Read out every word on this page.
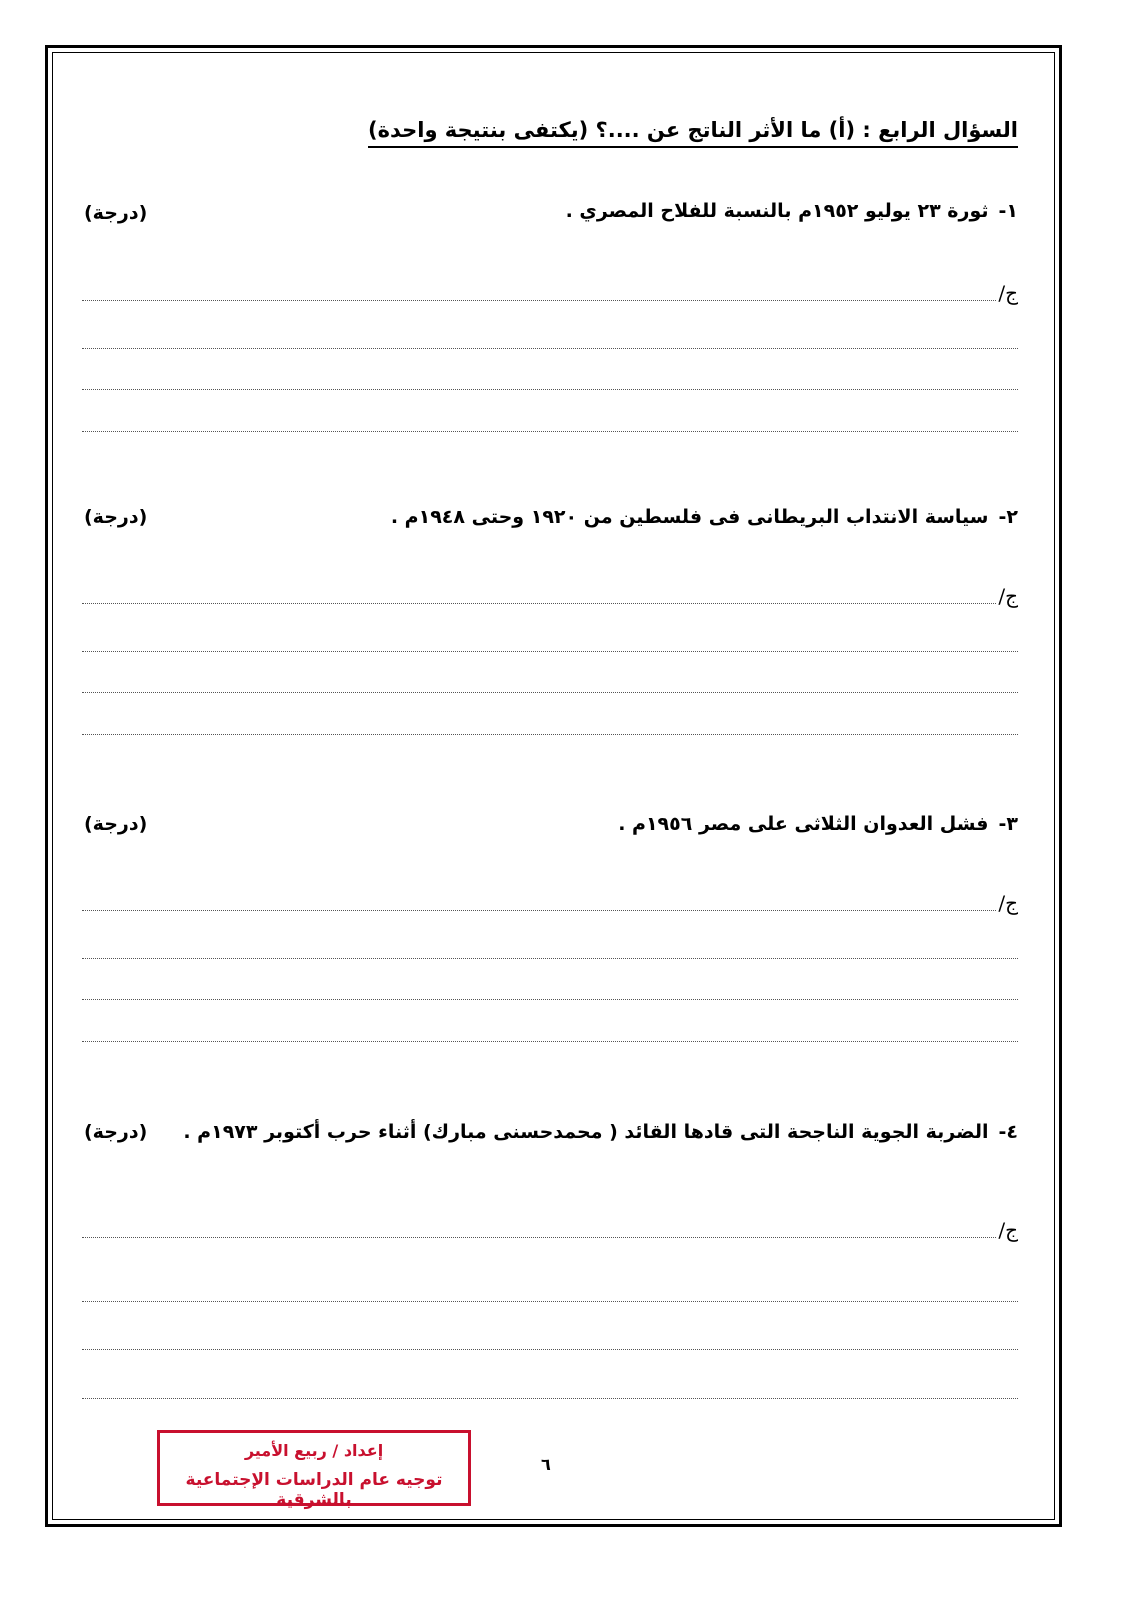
السؤال الرابع : (أ) ما الأثر الناتج عن ....؟ (يكتفى بنتيجة واحدة)
١-ثورة ٢٣ يوليو ١٩٥٢م بالنسبة للفلاح المصري .
(درجة)
ج/
٢-سياسة الانتداب البريطانى فى فلسطين من ١٩٢٠ وحتى ١٩٤٨م .
(درجة)
ج/
٣-فشل العدوان الثلاثى على مصر ١٩٥٦م .
(درجة)
ج/
٤-الضربة الجوية الناجحة التى قادها القائد ( محمدحسنى مبارك) أثناء حرب أكتوبر ١٩٧٣م .
(درجة)
ج/
إعداد / ربيع الأمير
توجيه عام الدراسات الإجتماعية بالشرقية
٦
